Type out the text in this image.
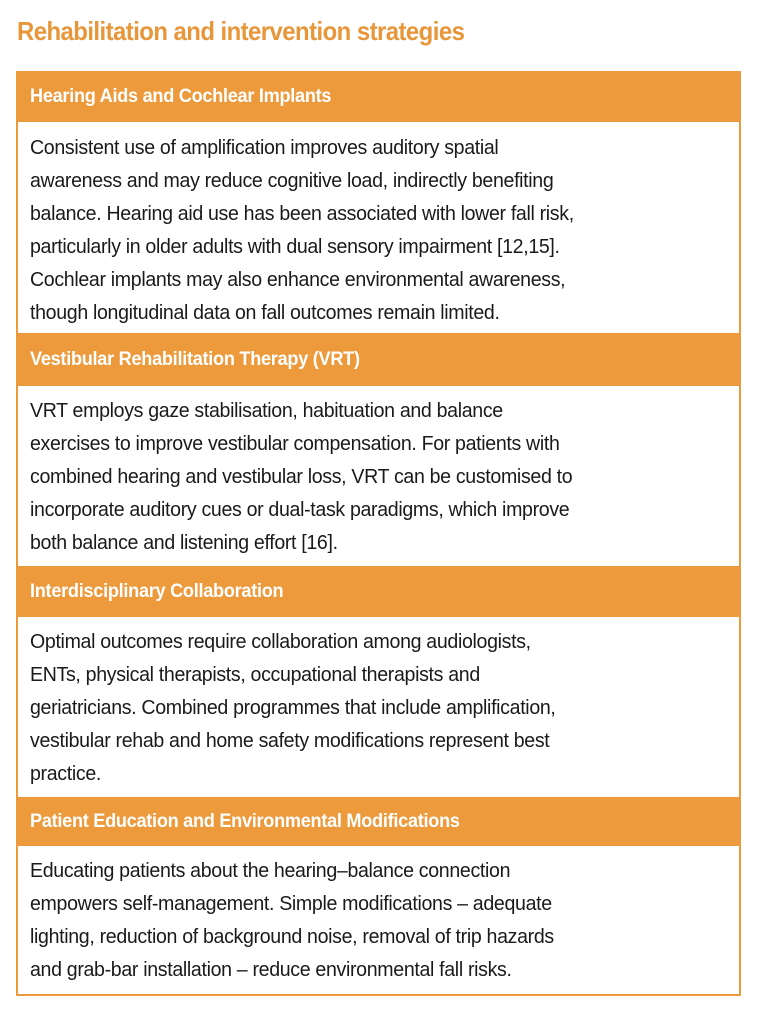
Rehabilitation and intervention strategies
Hearing Aids and Cochlear Implants

Consistent use of amplification improves auditory spatial
awareness and may reduce cognitive load, indirectly benefiting
balance. Hearing aid use has been associated with lower fall risk,
particularly in older adults with dual sensory impairment [12,15].
Cochlear implants may also enhance environmental awareness,
though longitudinal data on fall outcomes remain limited.

Vestibular Rehabilitation Therapy (VRT)

VRT employs gaze stabilisation, habituation and balance
exercises to improve vestibular compensation. For patients with
combined hearing and vestibular loss, VRT can be customised to
incorporate auditory cues or dual-task paradigms, which improve
both balance and listening effort [16].

Interdisciplinary Collaboration

Optimal outcomes require collaboration among audiologists,
ENTs, physical therapists, occupational therapists and
geriatricians. Combined programmes that include amplification,
vestibular rehab and home safety modifications represent best
practice.

Patient Education and Environmental Modifications

Educating patients about the hearing–balance connection
empowers self-management. Simple modifications – adequate
lighting, reduction of background noise, removal of trip hazards
and grab-bar installation – reduce environmental fall risks.
